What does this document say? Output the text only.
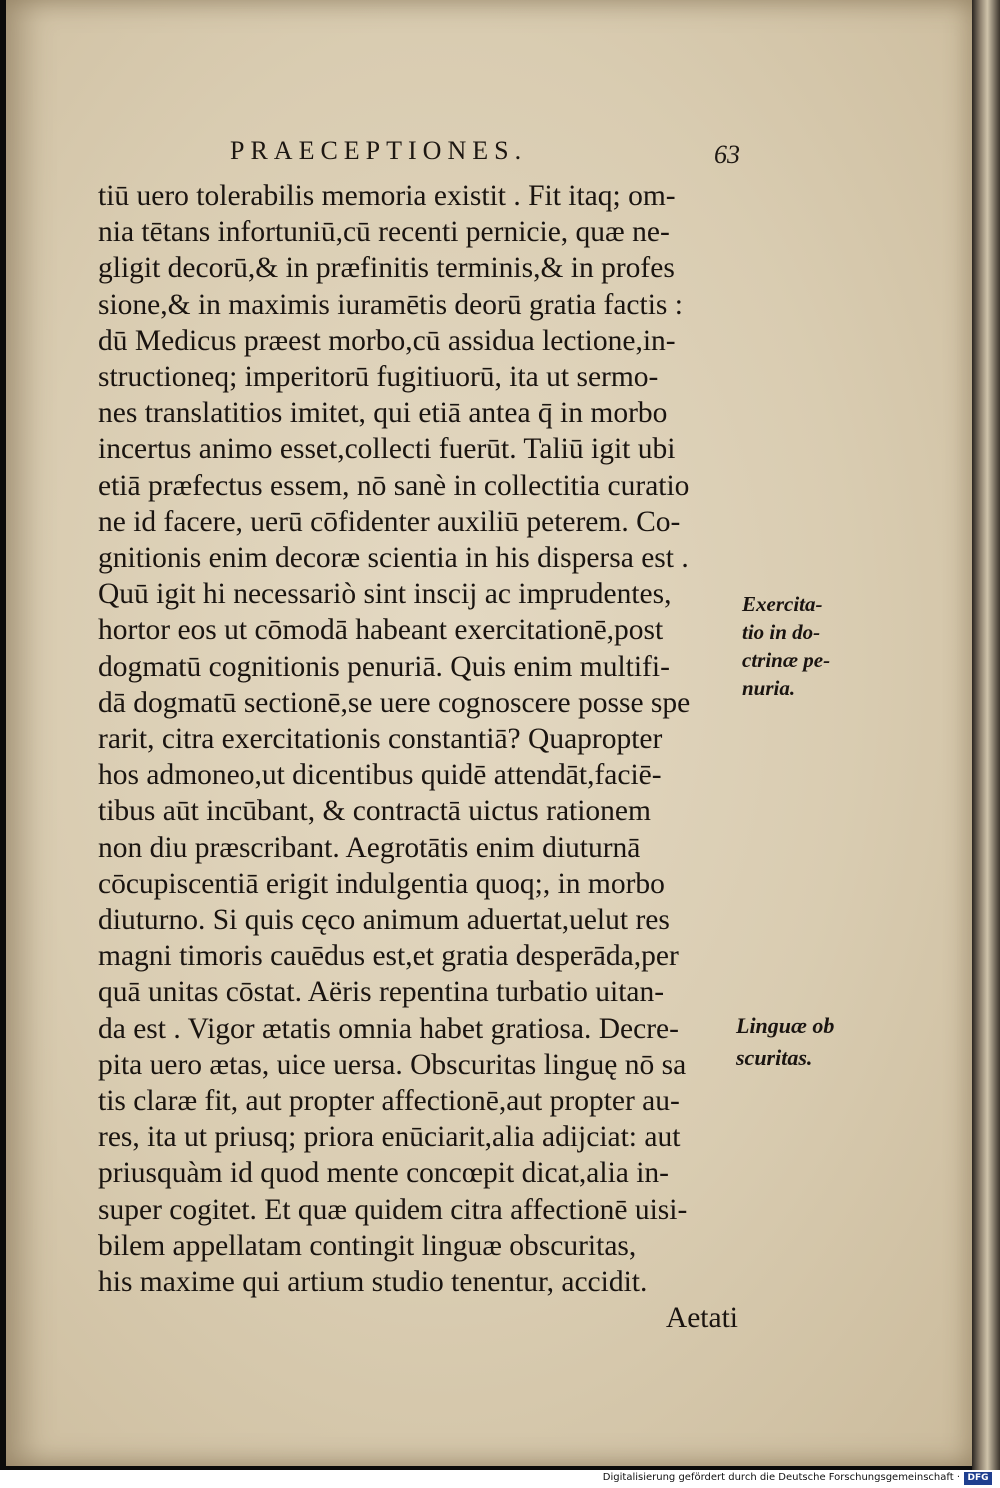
PRAECEPTIONES.	63
tiū uero tolerabilis memoria existit . Fit itaq; om-
nia tētans infortuniū,cū recenti pernicie, quæ ne-
gligit decorū,& in præfinitis terminis,& in profes
sione,& in maximis iuramētis deorū gratia factis :
dū Medicus præest morbo,cū assidua lectione,in-
structioneq; imperitorū fugitiuorū, ita ut sermo-
nes translatitios imitet, qui etiā antea q̄ in morbo
incertus animo esset,collecti fuerūt. Taliū igit ubi
etiā præfectus essem, nō sanè in collectitia curatio
ne id facere, uerū cōfidenter auxiliū peterem. Co-
gnitionis enim decoræ scientia in his dispersa est .
Quū igit hi necessariò sint inscij ac imprudentes,
hortor eos ut cōmodā habeant exercitationē,post
dogmatū cognitionis penuriā. Quis enim multifi-
dā dogmatū sectionē,se uere cognoscere posse spe
rarit, citra exercitationis constantiā? Quapropter
hos admoneo,ut dicentibus quidē attendāt,faciē-
tibus aūt incūbant, & contractā uictus rationem
non diu præscribant. Aegrotātis enim diuturnā
cōcupiscentiā erigit indulgentia quoq;, in morbo
diuturno. Si quis cęco animum aduertat,uelut res
magni timoris cauēdus est,et gratia desperāda,per
quā unitas cōstat. Aëris repentina turbatio uitan-
da est . Vigor ætatis omnia habet gratiosa. Decre-
pita uero ætas, uice uersa. Obscuritas linguę nō sa
tis claræ fit, aut propter affectionē,aut propter au-
res, ita ut priusq; priora enūciarit,alia adijciat: aut
priusquàm id quod mente concœpit dicat,alia in-
super cogitet. Et quæ quidem citra affectionē uisi-
bilem appellatam contingit linguæ obscuritas,
his maxime qui artium studio tenentur, accidit.
Aetati
Exercita-
tio in do-
ctrinæ pe-
nuria.
Linguæ ob
scuritas.
Digitalisierung gefördert durch die Deutsche Forschungsgemeinschaft · DFG
